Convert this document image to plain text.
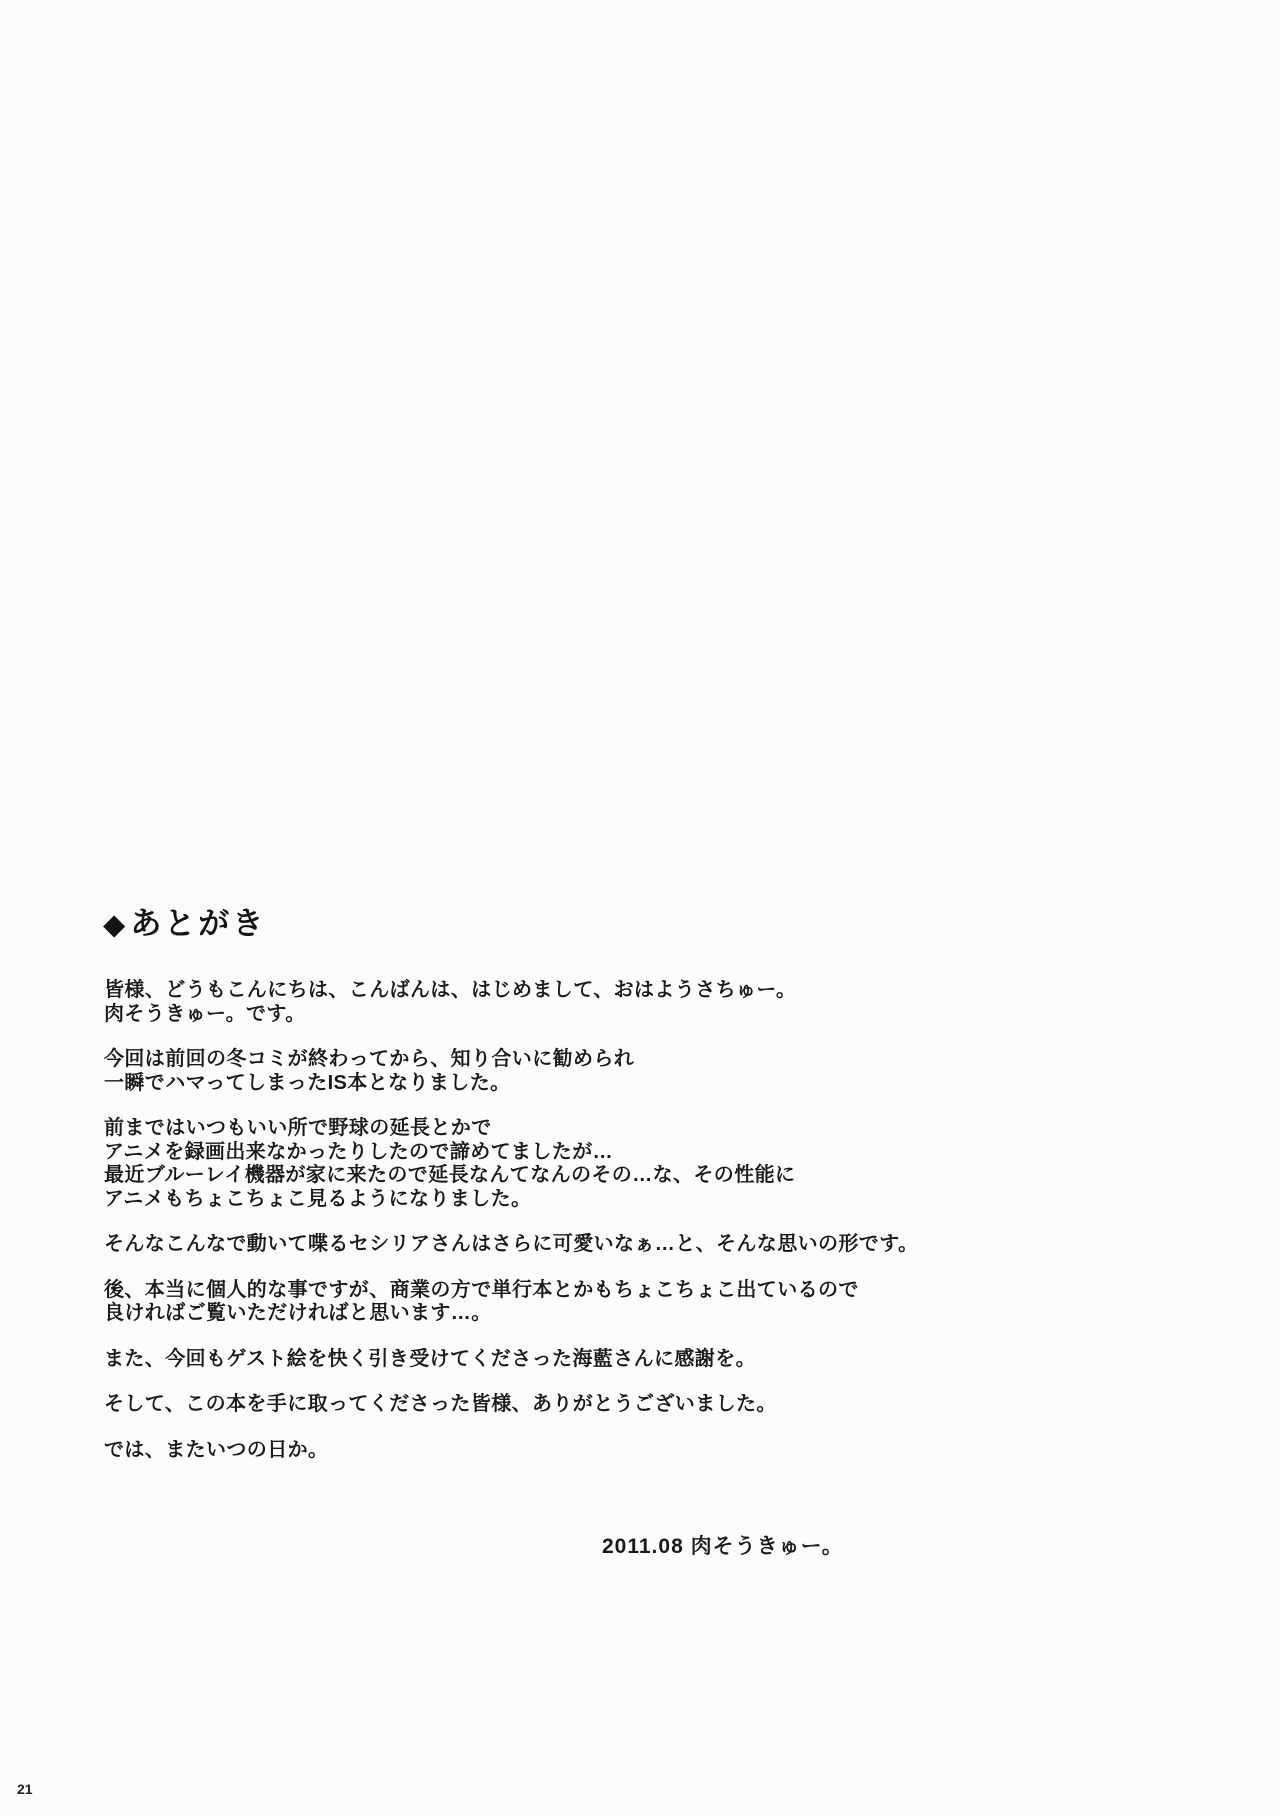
◆あとがき

皆様、どうもこんにちは、こんばんは、はじめまして、おはようさちゅー。
肉そうきゅー。です。

今回は前回の冬コミが終わってから、知り合いに勧められ
一瞬でハマってしまったIS本となりました。

前まではいつもいい所で野球の延長とかで
アニメを録画出来なかったりしたので諦めてましたが…
最近ブルーレイ機器が家に来たので延長なんてなんのその…な、その性能に
アニメもちょこちょこ見るようになりました。

そんなこんなで動いて喋るセシリアさんはさらに可愛いなぁ…と、そんな思いの形です。

後、本当に個人的な事ですが、商業の方で単行本とかもちょこちょこ出ているので
良ければご覧いただければと思います…。

また、今回もゲスト絵を快く引き受けてくださった海藍さんに感謝を。

そして、この本を手に取ってくださった皆様、ありがとうございました。

では、またいつの日か。

2011.08 肉そうきゅー。
21
